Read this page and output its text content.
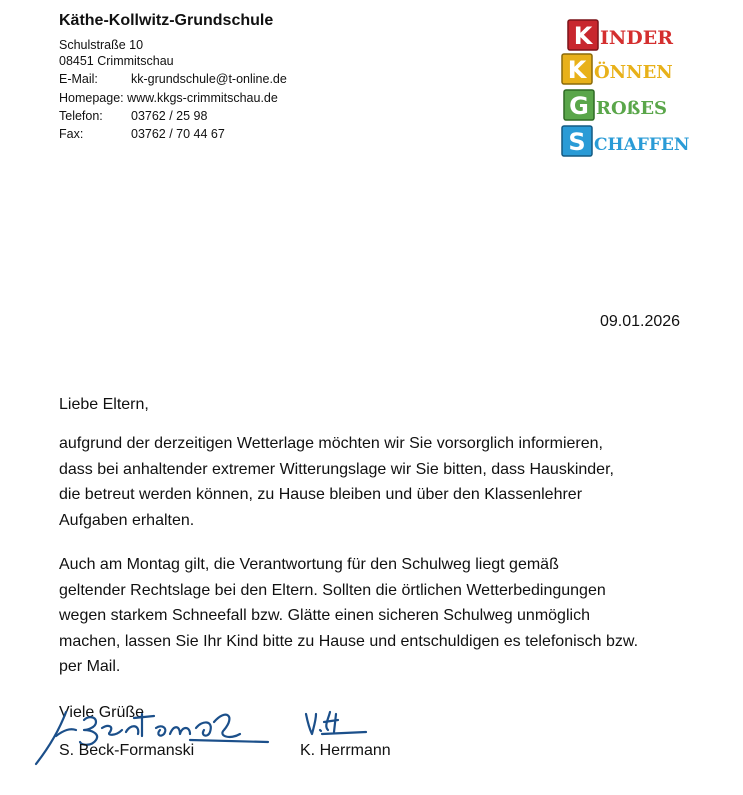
Käthe-Kollwitz-Grundschule
Schulstraße 10
08451 Crimmitschau
E-Mail:	kk-grundschule@t-online.de
Homepage: www.kkgs-crimmitschau.de
Telefon: 03762 / 25 98
Fax:	03762 / 70 44 67
K INDER
K ÖNNEN
G ROßES
S CHAFFEN
09.01.2026
Liebe Eltern,
aufgrund der derzeitigen Wetterlage möchten wir Sie vorsorglich informieren,
dass bei anhaltender extremer Witterungslage wir Sie bitten, dass Hauskinder,
die betreut werden können, zu Hause bleiben und über den Klassenlehrer
Aufgaben erhalten.
Auch am Montag gilt, die Verantwortung für den Schulweg liegt gemäß
geltender Rechtslage bei den Eltern. Sollten die örtlichen Wetterbedingungen
wegen starkem Schneefall bzw. Glätte einen sicheren Schulweg unmöglich
machen, lassen Sie Ihr Kind bitte zu Hause und entschuldigen es telefonisch bzw.
per Mail.
Viele Grüße
S. Beck-Formanski	K. Herrmann
